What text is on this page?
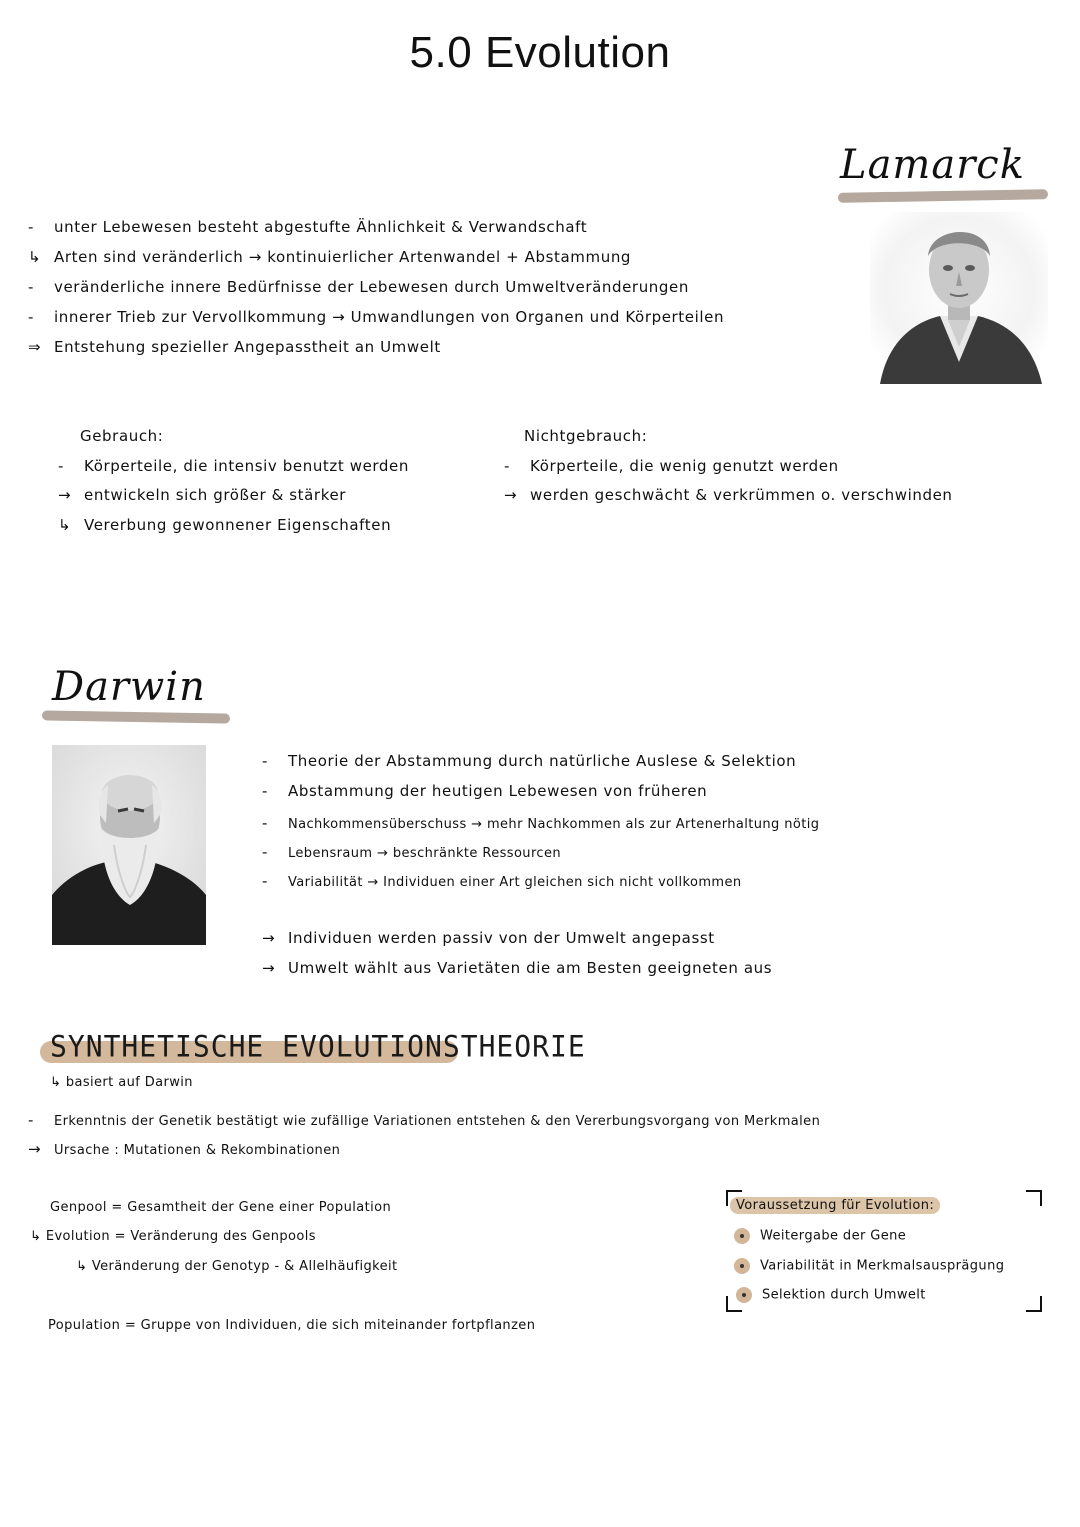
5.0 Evolution
Lamarck
-	unter Lebewesen besteht abgestufte Ähnlichkeit & Verwandschaft
↳ Arten sind veränderlich → kontinuierlicher Artenwandel + Abstammung
-	veränderliche innere Bedürfnisse der Lebewesen durch Umweltveränderungen
-	innerer Trieb zur Vervollkommung → Umwandlungen von Organen und Körperteilen
⇒ Entstehung spezieller Angepasstheit an Umwelt
Gebrauch:
-	Körperteile, die intensiv benutzt werden
→ entwickeln sich größer & stärker
↳ Vererbung gewonnener Eigenschaften
Nichtgebrauch:
-	Körperteile, die wenig genutzt werden
→ werden geschwächt & verkrümmen o. verschwinden
Darwin
-	Theorie der Abstammung durch natürliche Auslese & Selektion
-	Abstammung der heutigen Lebewesen von früheren
-	Nachkommensüberschuss → mehr Nachkommen als zur Artenerhaltung nötig
-	Lebensraum → beschränkte Ressourcen
-	Variabilität → Individuen einer Art gleichen sich nicht vollkommen
→ Individuen werden passiv von der Umwelt angepasst
→ Umwelt wählt aus Varietäten die am Besten geeigneten aus
SYNTHETISCHE EVOLUTIONSTHEORIE
↳ basiert auf Darwin
-	Erkenntnis der Genetik bestätigt wie zufällige Variationen entstehen & den Vererbungsvorgang von Merkmalen
→	Ursache : Mutationen & Rekombinationen
Genpool = Gesamtheit der Gene einer Population
↳ Evolution = Veränderung des Genpools
↳ Veränderung der Genotyp - & Allelhäufigkeit
Population = Gruppe von Individuen, die sich miteinander fortpflanzen
Voraussetzung für Evolution:
Weitergabe der Gene
Variabilität in Merkmalsausprägung
Selektion durch Umwelt
